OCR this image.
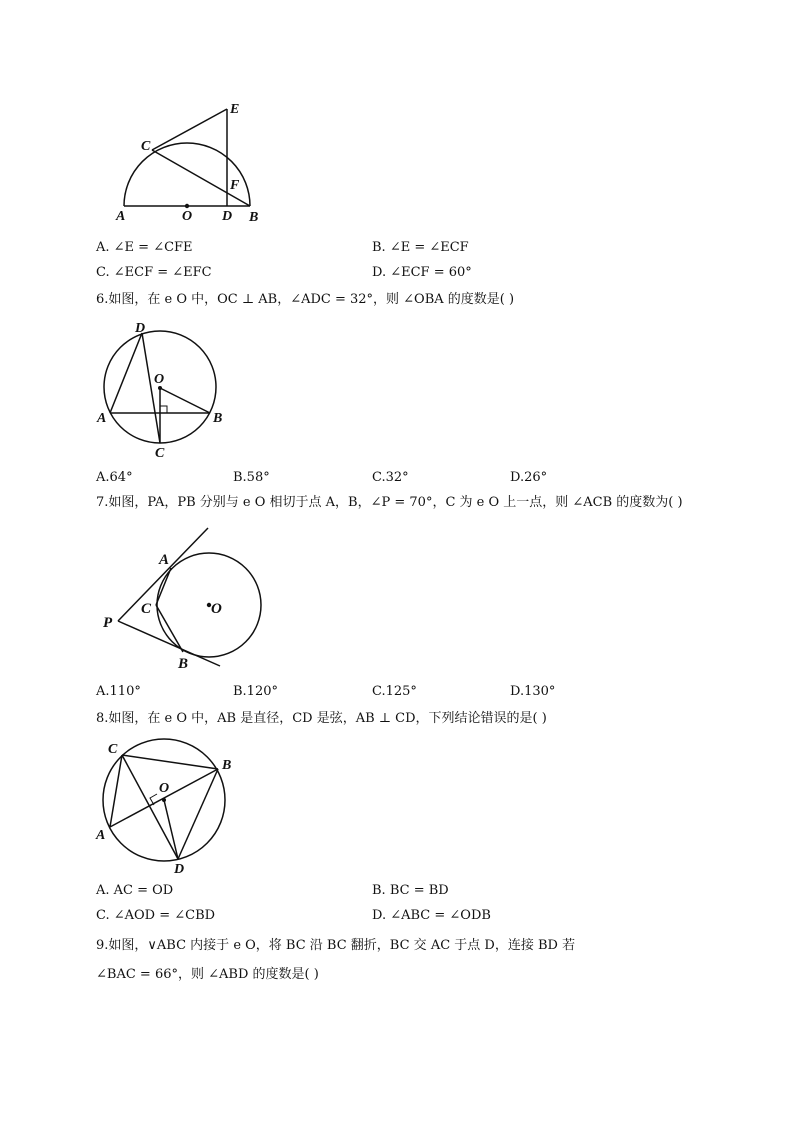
A	O D B
C
E
F
A. ∠E = ∠CFE	B. ∠E = ∠ECF
C. ∠ECF = ∠EFC	D. ∠ECF = 60°
6.如图，在 e O 中，OC ⊥ AB，∠ADC = 32°，则 ∠OBA 的度数是( )
D
O
A	B
C
A.64°	B.58°	C.32°	D.26°
7.如图，PA，PB 分别与 e O 相切于点 A，B，∠P = 70°，C 为 e O 上一点，则 ∠ACB 的度数为( )
A
C	O
P
B
A.110°	B.120°	C.125°	D.130°
8.如图，在 e O 中，AB 是直径，CD 是弦，AB ⊥ CD，下列结论错误的是( )
C
B
O
A
D
A. AC = OD	B. BC = BD
C. ∠AOD = ∠CBD	D. ∠ABC = ∠ODB
9.如图，∨ABC 内接于 e O，将 BC 沿 BC 翻折，BC 交 AC 于点 D，连接 BD 若
∠BAC = 66°，则 ∠ABD 的度数是( )
